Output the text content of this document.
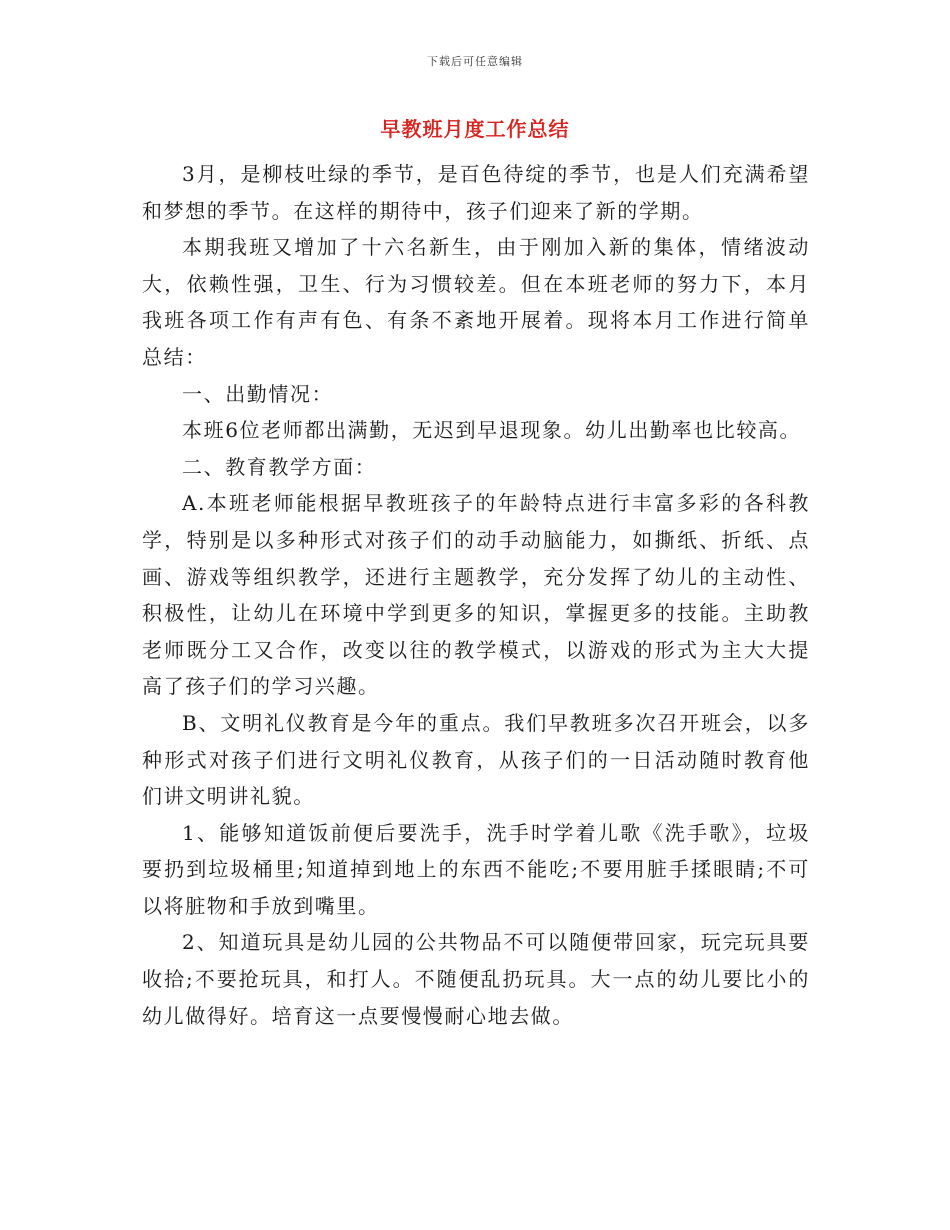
下载后可任意编辑
早教班月度工作总结

3月，是柳枝吐绿的季节，是百色待绽的季节，也是人们充满希望和梦想的季节。在这样的期待中，孩子们迎来了新的学期。

本期我班又增加了十六名新生，由于刚加入新的集体，情绪波动大，依赖性强，卫生、行为习惯较差。但在本班老师的努力下，本月我班各项工作有声有色、有条不紊地开展着。现将本月工作进行简单总结：

一、出勤情况：

本班6位老师都出满勤，无迟到早退现象。幼儿出勤率也比较高。

二、教育教学方面：

A.本班老师能根据早教班孩子的年龄特点进行丰富多彩的各科教学，特别是以多种形式对孩子们的动手动脑能力，如撕纸、折纸、点画、游戏等组织教学，还进行主题教学，充分发挥了幼儿的主动性、积极性，让幼儿在环境中学到更多的知识，掌握更多的技能。主助教老师既分工又合作，改变以往的教学模式，以游戏的形式为主大大提高了孩子们的学习兴趣。

B、文明礼仪教育是今年的重点。我们早教班多次召开班会，以多种形式对孩子们进行文明礼仪教育，从孩子们的一日活动随时教育他们讲文明讲礼貌。

1、能够知道饭前便后要洗手，洗手时学着儿歌《洗手歌》，垃圾要扔到垃圾桶里;知道掉到地上的东西不能吃;不要用脏手揉眼睛;不可以将脏物和手放到嘴里。

2、知道玩具是幼儿园的公共物品不可以随便带回家，玩完玩具要收拾;不要抢玩具，和打人。不随便乱扔玩具。大一点的幼儿要比小的幼儿做得好。培育这一点要慢慢耐心地去做。
